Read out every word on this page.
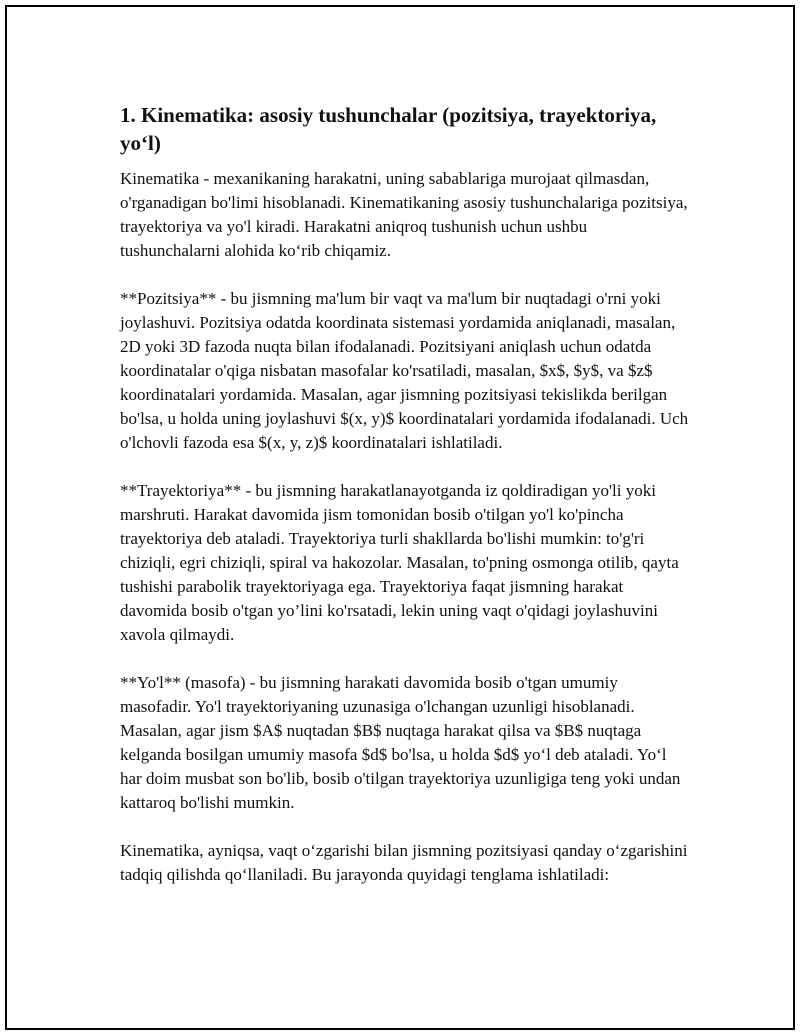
1. Kinematika: asosiy tushunchalar (pozitsiya, trayektoriya, yo‘l)

Kinematika - mexanikaning harakatni, uning sabablariga murojaat qilmasdan, o'rganadigan bo'limi hisoblanadi. Kinematikaning asosiy tushunchalariga pozitsiya, trayektoriya va yo'l kiradi. Harakatni aniqroq tushunish uchun ushbu tushunchalarni alohida ko‘rib chiqamiz.

**Pozitsiya** - bu jismning ma'lum bir vaqt va ma'lum bir nuqtadagi o'rni yoki joylashuvi. Pozitsiya odatda koordinata sistemasi yordamida aniqlanadi, masalan, 2D yoki 3D fazoda nuqta bilan ifodalanadi. Pozitsiyani aniqlash uchun odatda koordinatalar o'qiga nisbatan masofalar ko'rsatiladi, masalan, $x$, $y$, va $z$ koordinatalari yordamida. Masalan, agar jismning pozitsiyasi tekislikda berilgan bo'lsa, u holda uning joylashuvi $(x, y)$ koordinatalari yordamida ifodalanadi. Uch o'lchovli fazoda esa $(x, y, z)$ koordinatalari ishlatiladi.

**Trayektoriya** - bu jismning harakatlanayotganda iz qoldiradigan yo'li yoki marshruti. Harakat davomida jism tomonidan bosib o'tilgan yo'l ko'pincha trayektoriya deb ataladi. Trayektoriya turli shakllarda bo'lishi mumkin: to'g'ri chiziqli, egri chiziqli, spiral va hakozolar. Masalan, to'pning osmonga otilib, qayta tushishi parabolik trayektoriyaga ega. Trayektoriya faqat jismning harakat davomida bosib o'tgan yo’lini ko'rsatadi, lekin uning vaqt o'qidagi joylashuvini xavola qilmaydi.

**Yo'l** (masofa) - bu jismning harakati davomida bosib o'tgan umumiy masofadir. Yo'l trayektoriyaning uzunasiga o'lchangan uzunligi hisoblanadi. Masalan, agar jism $A$ nuqtadan $B$ nuqtaga harakat qilsa va $B$ nuqtaga kelganda bosilgan umumiy masofa $d$ bo'lsa, u holda $d$ yo‘l deb ataladi. Yo‘l har doim musbat son bo'lib, bosib o'tilgan trayektoriya uzunligiga teng yoki undan kattaroq bo'lishi mumkin.

Kinematika, ayniqsa, vaqt o‘zgarishi bilan jismning pozitsiyasi qanday o‘zgarishini tadqiq qilishda qo‘llaniladi. Bu jarayonda quyidagi tenglama ishlatiladi:
